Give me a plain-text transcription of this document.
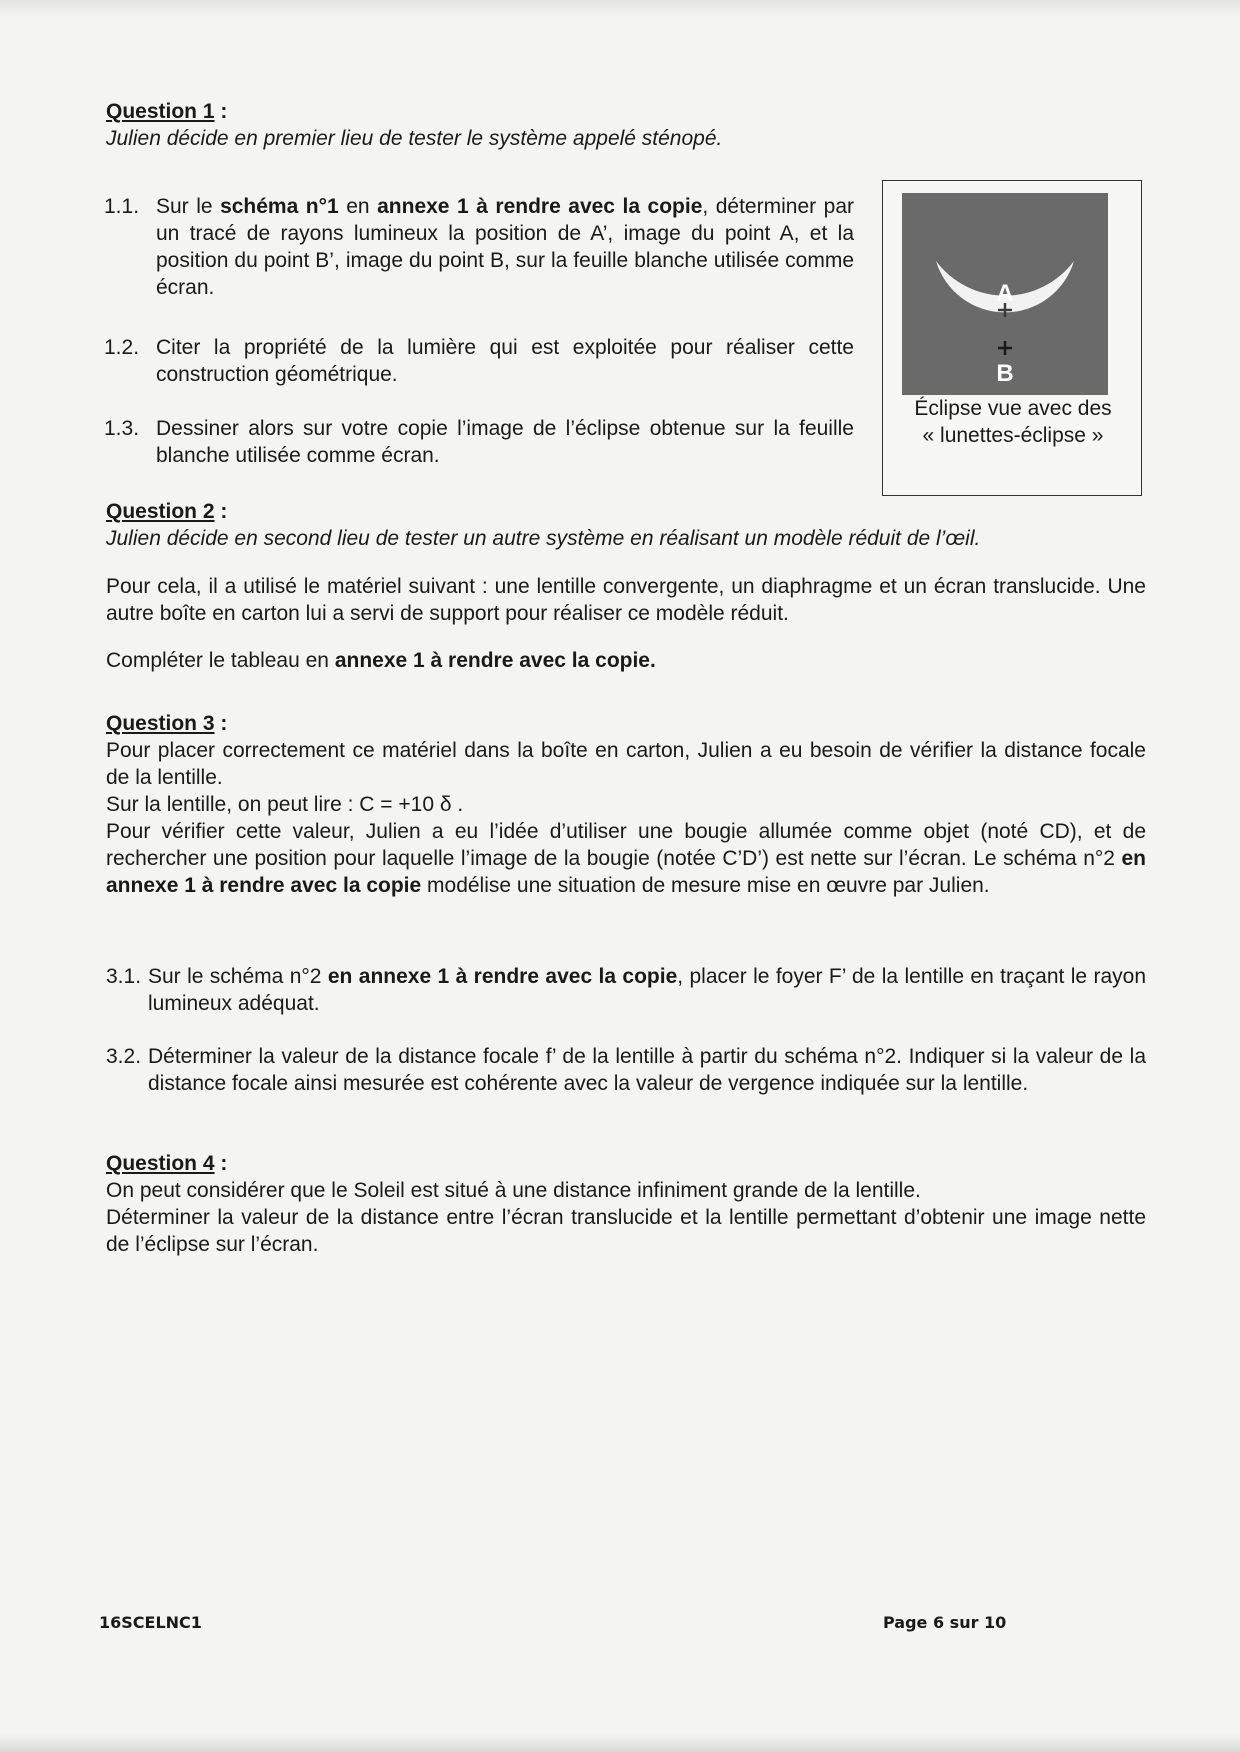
Question 1 :

Julien décide en premier lieu de tester le système appelé sténopé.

1.1. Sur le schéma n°1 en annexe 1 à rendre avec la copie, déterminer par un tracé de rayons lumineux la position de A’, image du point A, et la position du point B’, image du point B, sur la feuille blanche utilisée comme écran.

1.2. Citer la propriété de la lumière qui est exploitée pour réaliser cette construction géométrique.

1.3. Dessiner alors sur votre copie l’image de l’éclipse obtenue sur la feuille blanche utilisée comme écran.

A
B
Éclipse vue avec des
« lunettes-éclipse »
Question 2 :

Julien décide en second lieu de tester un autre système en réalisant un modèle réduit de l’œil.

Pour cela, il a utilisé le matériel suivant : une lentille convergente, un diaphragme et un écran translucide. Une autre boîte en carton lui a servi de support pour réaliser ce modèle réduit.

Compléter le tableau en annexe 1 à rendre avec la copie.

Question 3 :

Pour placer correctement ce matériel dans la boîte en carton, Julien a eu besoin de vérifier la distance focale de la lentille.

Sur la lentille, on peut lire : C = +10 δ .

Pour vérifier cette valeur, Julien a eu l’idée d’utiliser une bougie allumée comme objet (noté CD), et de rechercher une position pour laquelle l’image de la bougie (notée C’D’) est nette sur l’écran. Le schéma n°2 en annexe 1 à rendre avec la copie modélise une situation de mesure mise en œuvre par Julien.

3.1. Sur le schéma n°2 en annexe 1 à rendre avec la copie, placer le foyer F’ de la lentille en traçant le rayon lumineux adéquat.

3.2. Déterminer la valeur de la distance focale f’ de la lentille à partir du schéma n°2. Indiquer si la valeur de la distance focale ainsi mesurée est cohérente avec la valeur de vergence indiquée sur la lentille.

Question 4 :

On peut considérer que le Soleil est situé à une distance infiniment grande de la lentille.

Déterminer la valeur de la distance entre l’écran translucide et la lentille permettant d’obtenir une image nette de l’éclipse sur l’écran.

16SCELNC1	Page 6 sur 10
